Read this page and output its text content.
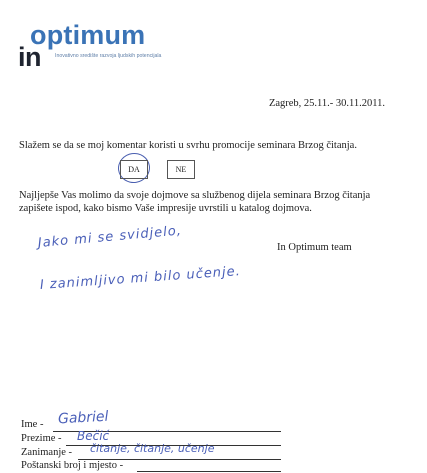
optimum
in	Inovativno središte razvoja ljudskih potencijala
Zagreb, 25.11.- 30.11.2011.
Slažem se da se moj komentar koristi u svrhu promocije seminara Brzog čitanja.
DA	NE
Najljepše Vas molimo da svoje dojmove sa službenog dijela seminara Brzog čitanja zapišete ispod, kako bismo Vaše impresije uvrstili u katalog dojmova.
In Optimum team
Jako mi se svidjelo,
I zanimljivo mi bilo učenje.
Ime - Gabriel
Prezime - Bečić
Zanimanje - čitanje, čitanje, učenje
Poštanski broj i mjesto -
